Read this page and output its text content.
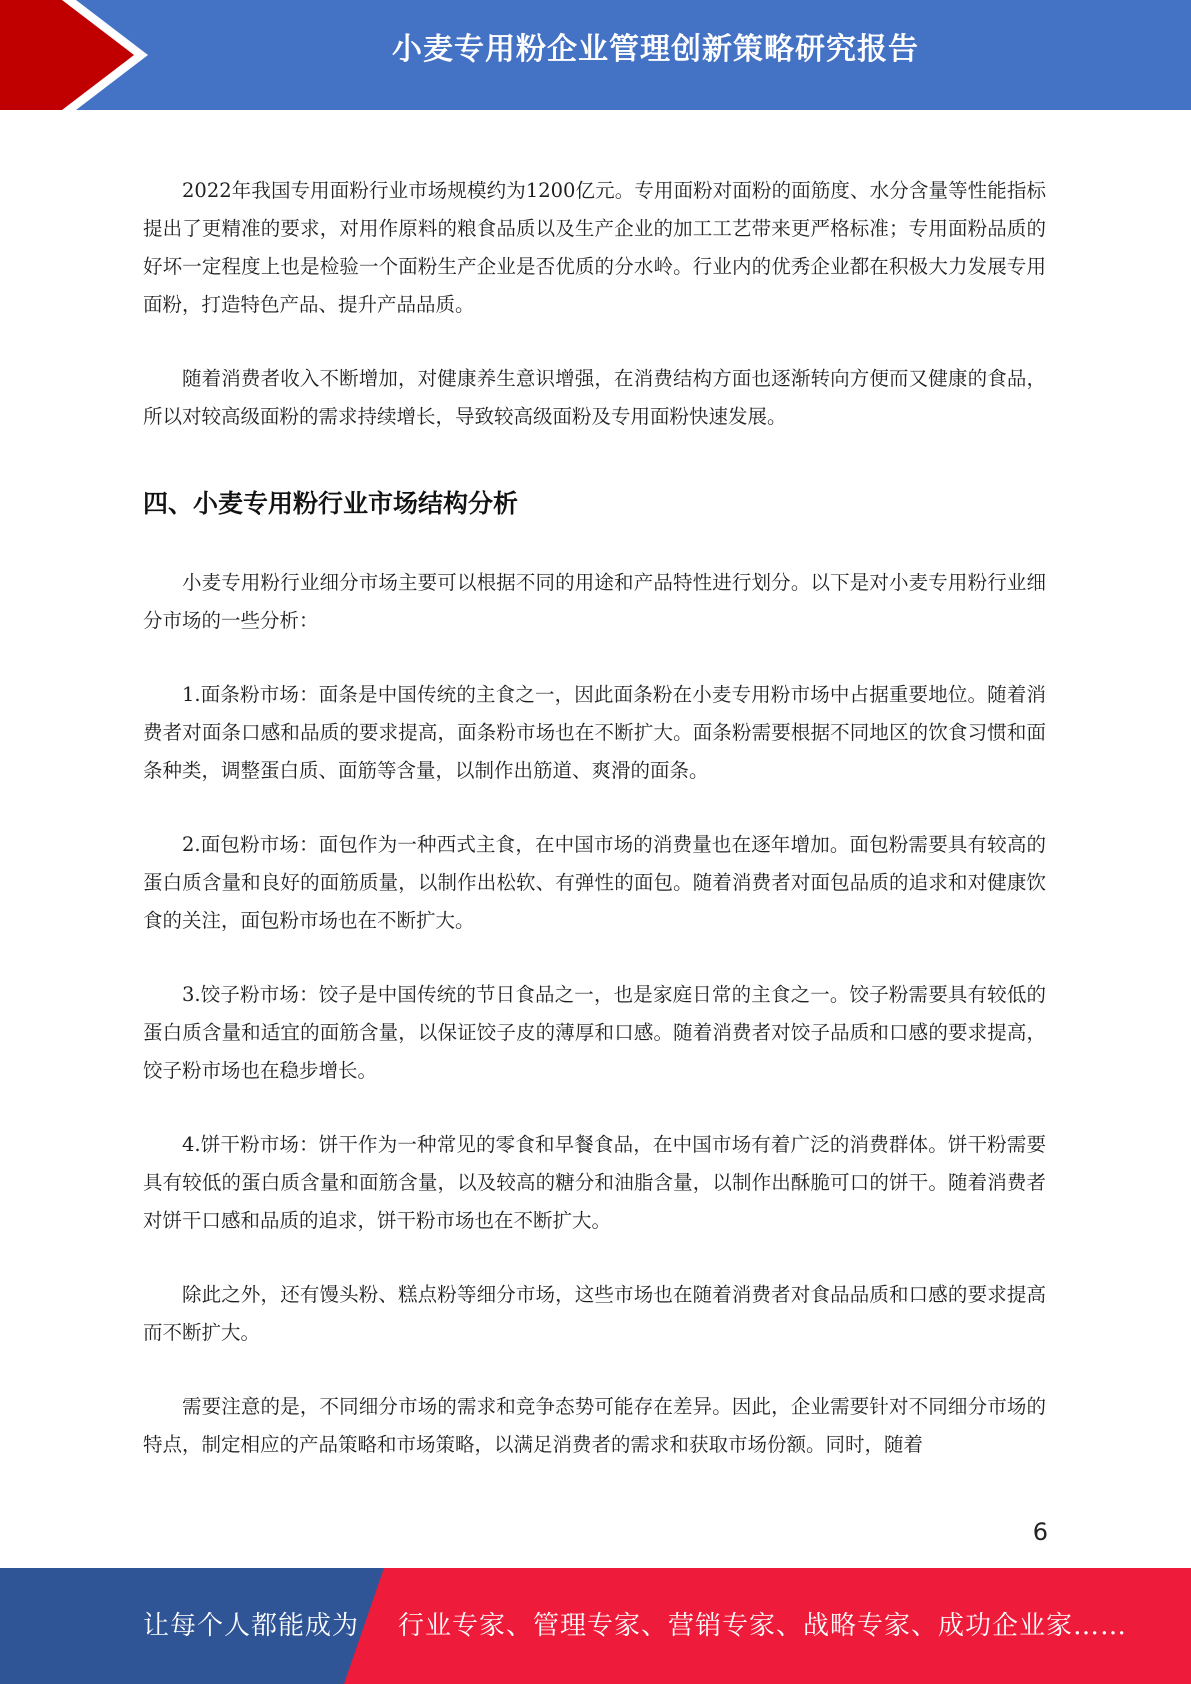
小麦专用粉企业管理创新策略研究报告

2022年我国专用面粉行业市场规模约为1200亿元。专用面粉对面粉的面筋度、水分含量等性能指标提出了更精准的要求，对用作原料的粮食品质以及生产企业的加工工艺带来更严格标准；专用面粉品质的好坏一定程度上也是检验一个面粉生产企业是否优质的分水岭。行业内的优秀企业都在积极大力发展专用面粉，打造特色产品、提升产品品质。

随着消费者收入不断增加，对健康养生意识增强，在消费结构方面也逐渐转向方便而又健康的食品，所以对较高级面粉的需求持续增长，导致较高级面粉及专用面粉快速发展。

四、小麦专用粉行业市场结构分析

小麦专用粉行业细分市场主要可以根据不同的用途和产品特性进行划分。以下是对小麦专用粉行业细分市场的一些分析：

1.面条粉市场：面条是中国传统的主食之一，因此面条粉在小麦专用粉市场中占据重要地位。随着消费者对面条口感和品质的要求提高，面条粉市场也在不断扩大。面条粉需要根据不同地区的饮食习惯和面条种类，调整蛋白质、面筋等含量，以制作出筋道、爽滑的面条。

2.面包粉市场：面包作为一种西式主食，在中国市场的消费量也在逐年增加。面包粉需要具有较高的蛋白质含量和良好的面筋质量，以制作出松软、有弹性的面包。随着消费者对面包品质的追求和对健康饮食的关注，面包粉市场也在不断扩大。

3.饺子粉市场：饺子是中国传统的节日食品之一，也是家庭日常的主食之一。饺子粉需要具有较低的蛋白质含量和适宜的面筋含量，以保证饺子皮的薄厚和口感。随着消费者对饺子品质和口感的要求提高，饺子粉市场也在稳步增长。

4.饼干粉市场：饼干作为一种常见的零食和早餐食品，在中国市场有着广泛的消费群体。饼干粉需要具有较低的蛋白质含量和面筋含量，以及较高的糖分和油脂含量，以制作出酥脆可口的饼干。随着消费者对饼干口感和品质的追求，饼干粉市场也在不断扩大。

除此之外，还有馒头粉、糕点粉等细分市场，这些市场也在随着消费者对食品品质和口感的要求提高而不断扩大。

需要注意的是，不同细分市场的需求和竞争态势可能存在差异。因此，企业需要针对不同细分市场的特点，制定相应的产品策略和市场策略，以满足消费者的需求和获取市场份额。同时，随着

6
让每个人都能成为 行业专家、管理专家、营销专家、战略专家、成功企业家……
